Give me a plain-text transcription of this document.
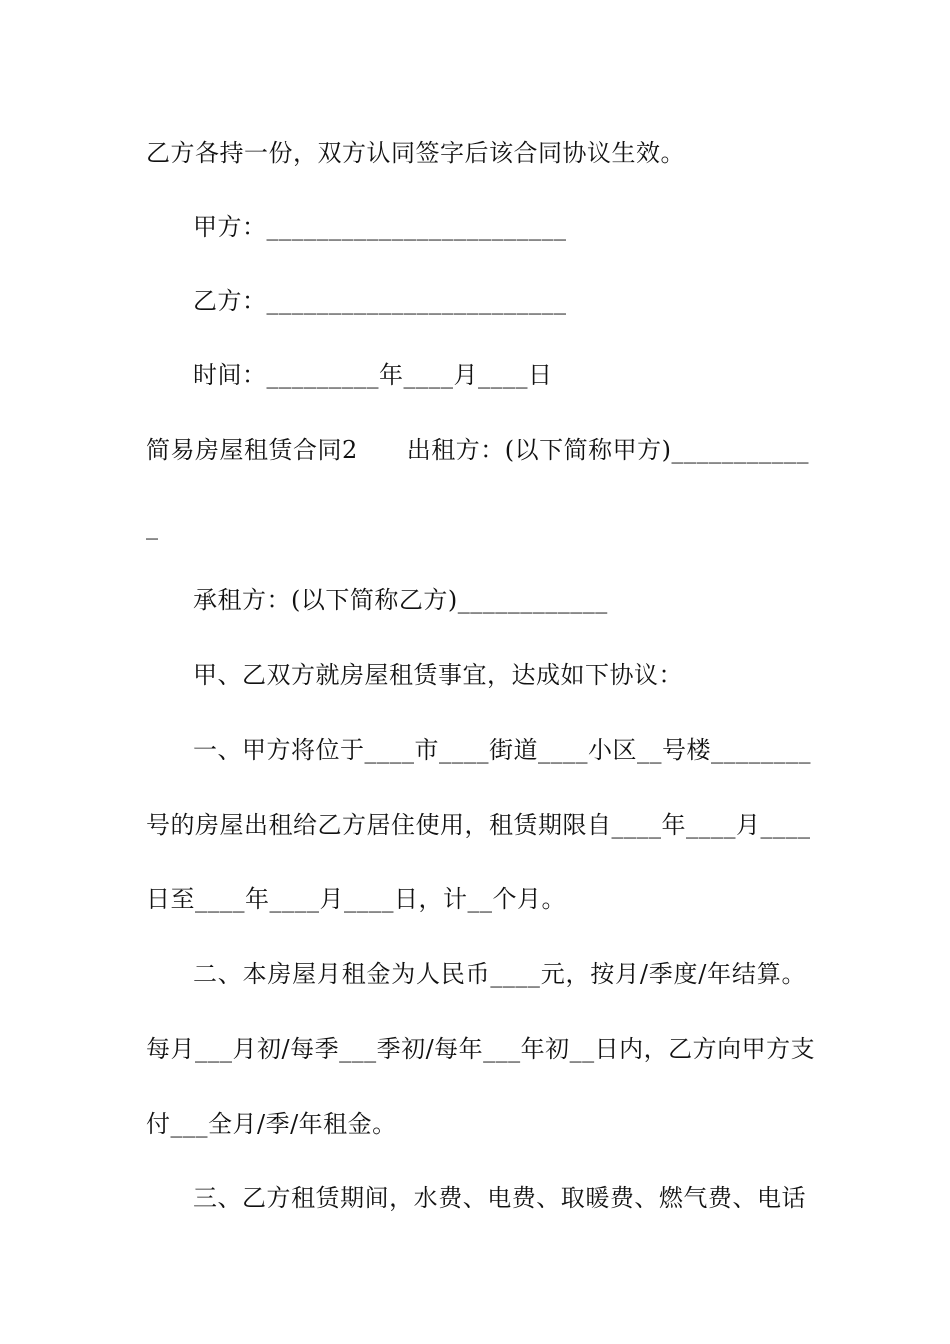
乙方各持一份，双方认同签字后该合同协议生效。
甲方：________________________
乙方：________________________
时间：_________年____月____日
简易房屋租赁合同2　　出租方：(以下简称甲方)___________
_
承租方：(以下简称乙方)____________
甲、乙双方就房屋租赁事宜，达成如下协议：
一、甲方将位于____市____街道____小区__号楼________
号的房屋出租给乙方居住使用，租赁期限自____年____月____
日至____年____月____日，计__个月。
二、本房屋月租金为人民币____元，按月/季度/年结算。
每月___月初/每季___季初/每年___年初__日内，乙方向甲方支
付___全月/季/年租金。
三、乙方租赁期间，水费、电费、取暖费、燃气费、电话
